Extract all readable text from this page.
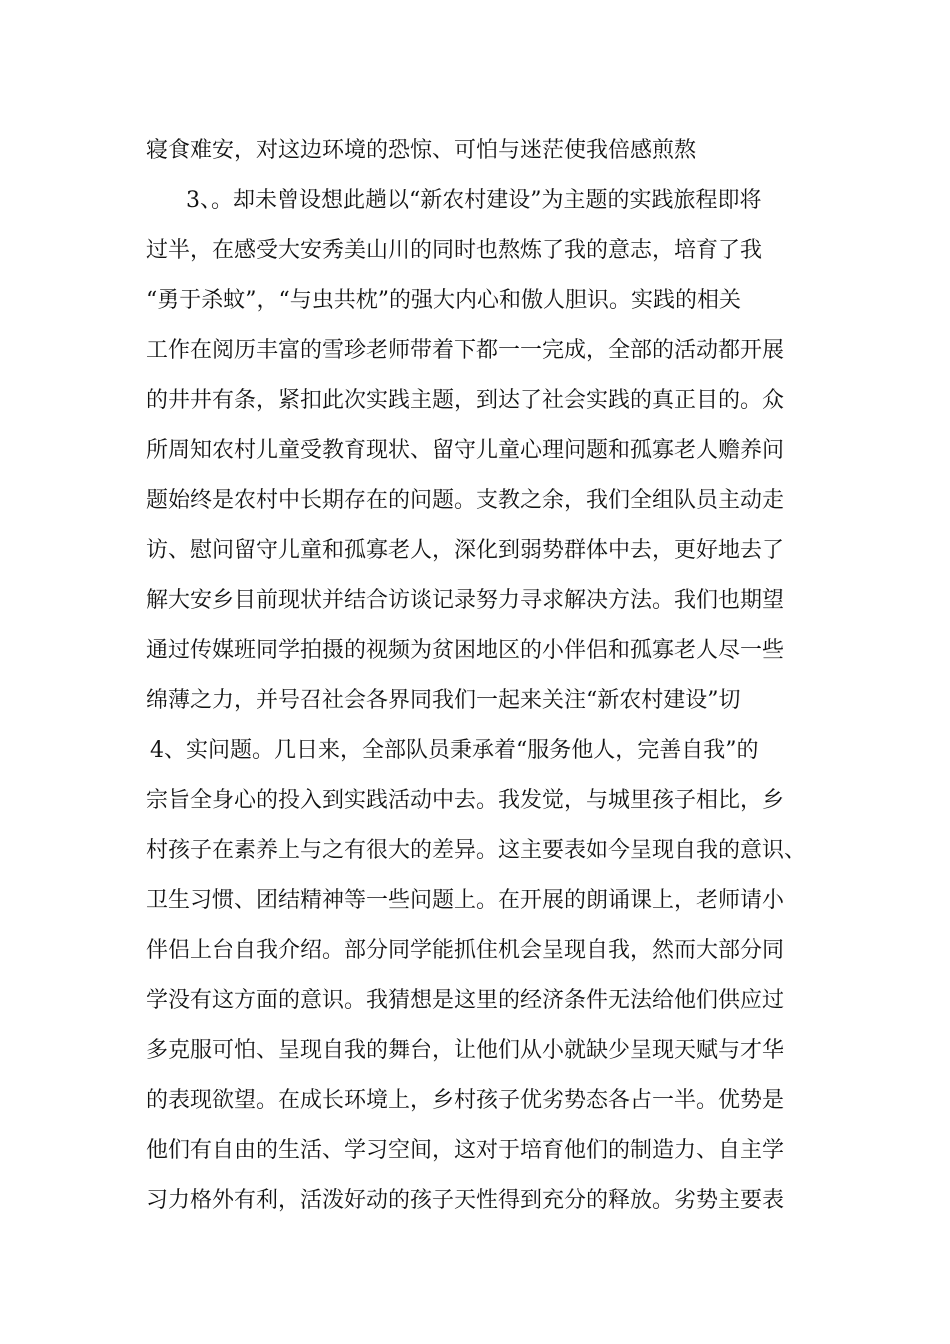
寝食难安，对这边环境的恐惊、可怕与迷茫使我倍感煎熬
3、。却未曾设想此趟以“新农村建设”为主题的实践旅程即将
过半，在感受大安秀美山川的同时也熬炼了我的意志，培育了我
“勇于杀蚊”，“与虫共枕”的强大内心和傲人胆识。实践的相关
工作在阅历丰富的雪珍老师带着下都一一完成，全部的活动都开展
的井井有条，紧扣此次实践主题，到达了社会实践的真正目的。众
所周知农村儿童受教育现状、留守儿童心理问题和孤寡老人赡养问
题始终是农村中长期存在的问题。支教之余，我们全组队员主动走
访、慰问留守儿童和孤寡老人，深化到弱势群体中去，更好地去了
解大安乡目前现状并结合访谈记录努力寻求解决方法。我们也期望
通过传媒班同学拍摄的视频为贫困地区的小伴侣和孤寡老人尽一些
绵薄之力，并号召社会各界同我们一起来关注“新农村建设”切
4、实问题。几日来，全部队员秉承着“服务他人，完善自我”的
宗旨全身心的投入到实践活动中去。我发觉，与城里孩子相比，乡
村孩子在素养上与之有很大的差异。这主要表如今呈现自我的意识、
卫生习惯、团结精神等一些问题上。在开展的朗诵课上，老师请小
伴侣上台自我介绍。部分同学能抓住机会呈现自我，然而大部分同
学没有这方面的意识。我猜想是这里的经济条件无法给他们供应过
多克服可怕、呈现自我的舞台，让他们从小就缺少呈现天赋与才华
的表现欲望。在成长环境上，乡村孩子优劣势态各占一半。优势是
他们有自由的生活、学习空间，这对于培育他们的制造力、自主学
习力格外有利，活泼好动的孩子天性得到充分的释放。劣势主要表
